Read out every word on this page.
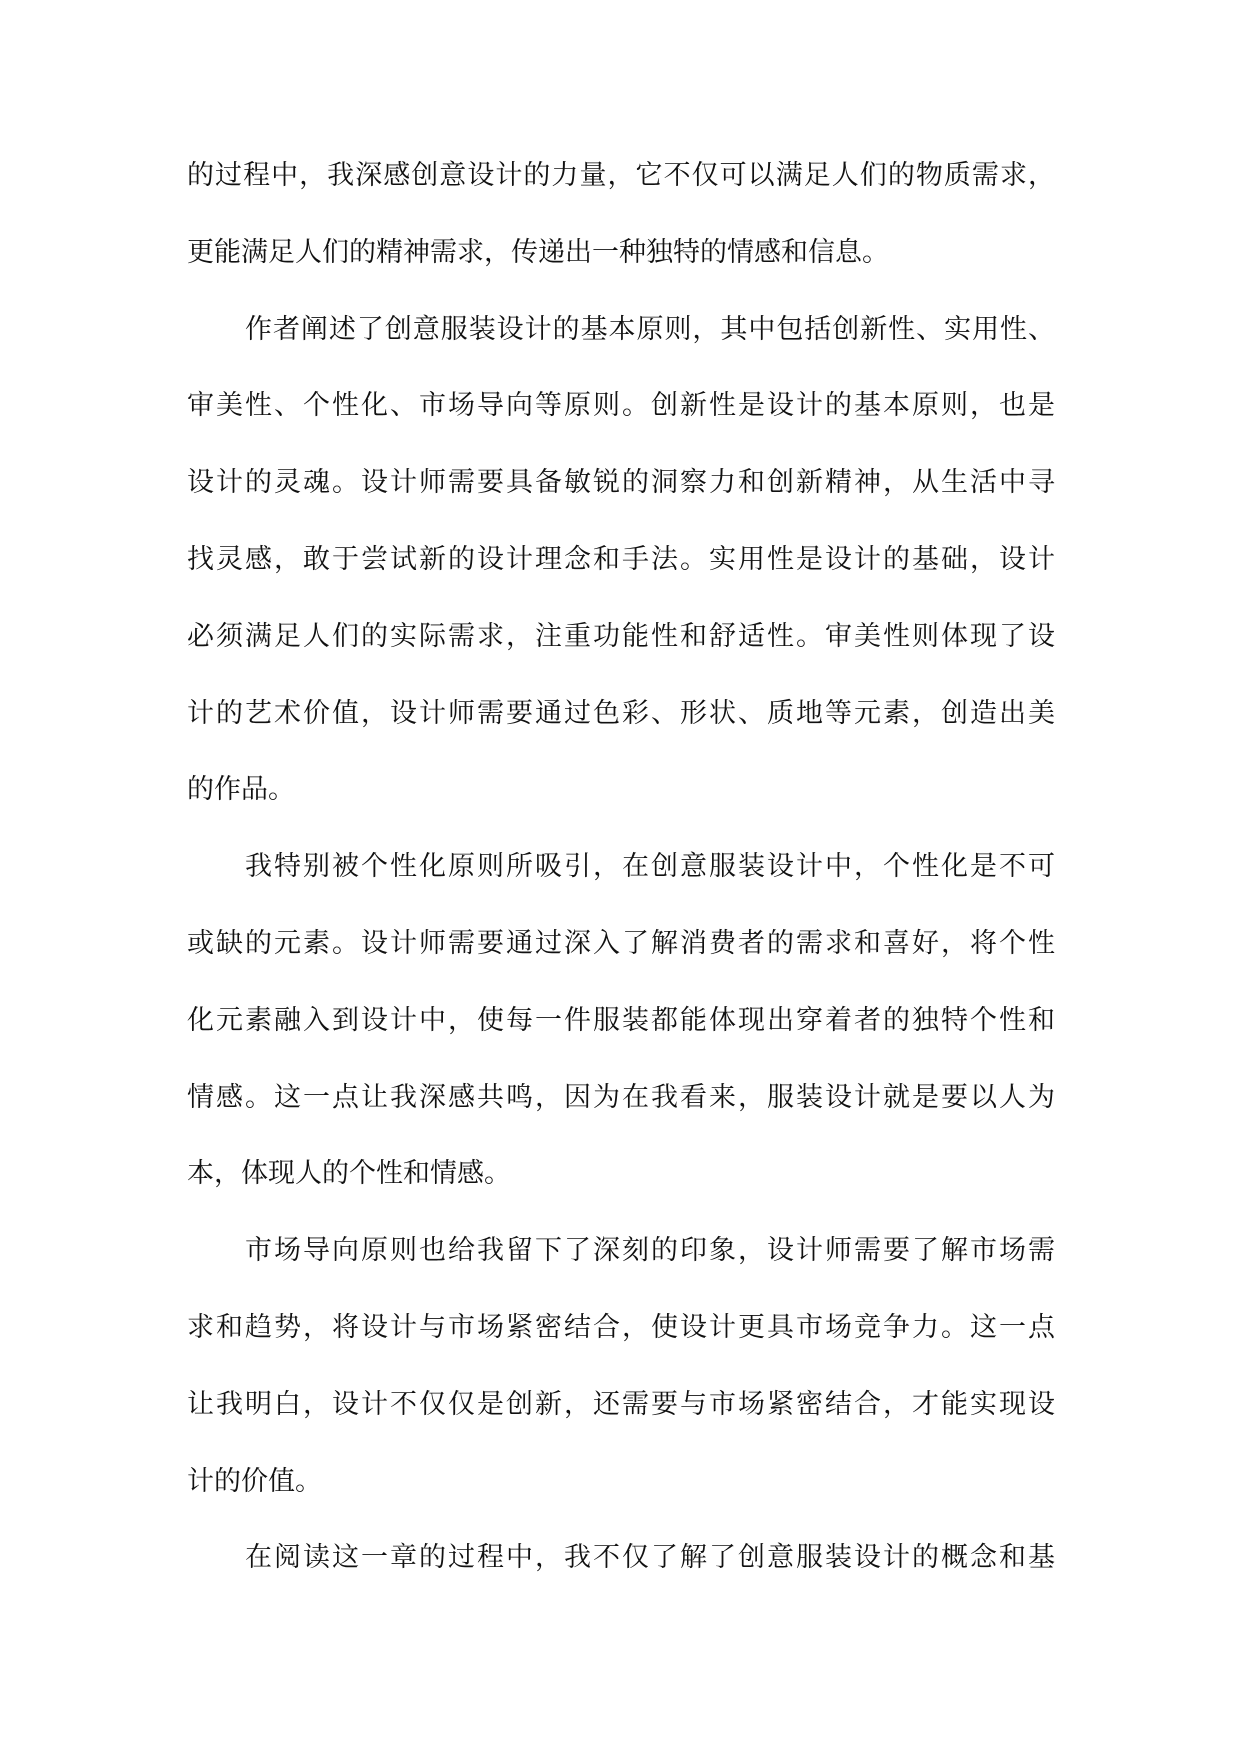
的过程中，我深感创意设计的力量，它不仅可以满足人们的物质需求，
更能满足人们的精神需求，传递出一种独特的情感和信息。
作者阐述了创意服装设计的基本原则，其中包括创新性、实用性、
审美性、个性化、市场导向等原则。创新性是设计的基本原则，也是
设计的灵魂。设计师需要具备敏锐的洞察力和创新精神，从生活中寻
找灵感，敢于尝试新的设计理念和手法。实用性是设计的基础，设计
必须满足人们的实际需求，注重功能性和舒适性。审美性则体现了设
计的艺术价值，设计师需要通过色彩、形状、质地等元素，创造出美
的作品。
我特别被个性化原则所吸引，在创意服装设计中，个性化是不可
或缺的元素。设计师需要通过深入了解消费者的需求和喜好，将个性
化元素融入到设计中，使每一件服装都能体现出穿着者的独特个性和
情感。这一点让我深感共鸣，因为在我看来，服装设计就是要以人为
本，体现人的个性和情感。
市场导向原则也给我留下了深刻的印象，设计师需要了解市场需
求和趋势，将设计与市场紧密结合，使设计更具市场竞争力。这一点
让我明白，设计不仅仅是创新，还需要与市场紧密结合，才能实现设
计的价值。
在阅读这一章的过程中，我不仅了解了创意服装设计的概念和基
